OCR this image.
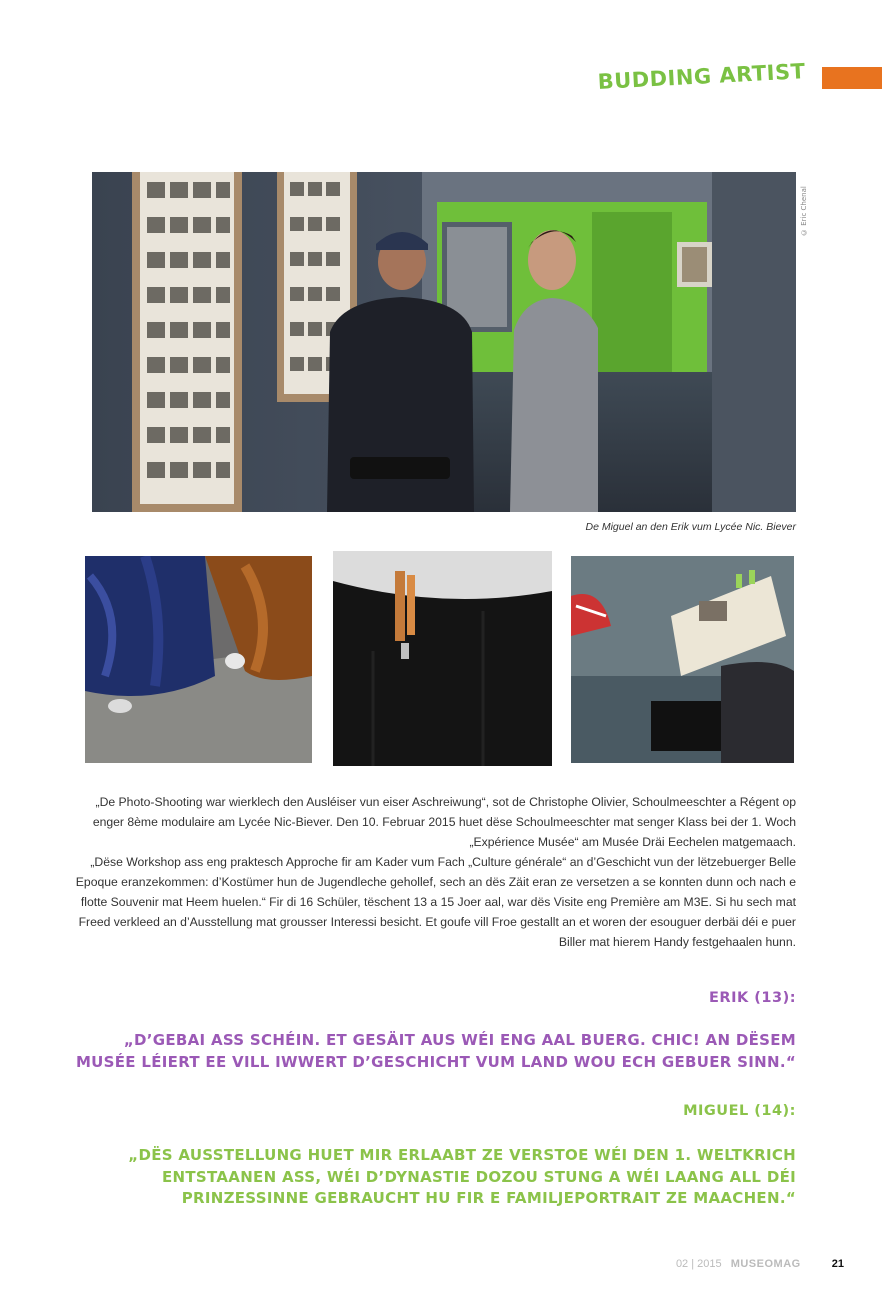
BUDDING ARTIST
© Eric Chenal
De Miguel an den Erik vum Lycée Nic. Biever

„De Photo-Shooting war wierklech den Ausléiser vun eiser Aschreiwung“, sot de Christophe Olivier, Schoulmeeschter a Régent op enger 8ème modulaire am Lycée Nic-Biever. Den 10. Februar 2015 huet dëse Schoulmeeschter mat senger Klass bei der 1. Woch „Expérience Musée“ am Musée Dräi Eechelen matgemaach.

„Dëse Workshop ass eng praktesch Approche fir am Kader vum Fach „Culture générale“ an d’Geschicht vun der lëtzebuerger Belle Epoque eranzekommen: d’Kostümer hun de Jugendleche gehollef, sech an dës Zäit eran ze versetzen a se konnten dunn och nach e flotte Souvenir mat Heem huelen.“ Fir di 16 Schüler, tëschent 13 a 15 Joer aal, war dës Visite eng Première am M3E. Si hu sech mat Freed verkleed an d’Ausstellung mat grousser Interessi besicht. Et goufe vill Froe gestallt an et woren der esouguer derbäi déi e puer Biller mat hierem Handy festgehaalen hunn.

ERIK (13):
„D’GEBAI ASS SCHÉIN. ET GESÄIT AUS WÉI ENG AAL BUERG. CHIC! AN DËSEM MUSÉE LÉIERT EE VILL IWWERT D’GESCHICHT VUM LAND WOU ECH GEBUER SINN.“
MIGUEL (14):
„DËS AUSSTELLUNG HUET MIR ERLAABT ZE VERSTOE WÉI DEN 1. WELTKRICH ENTSTAANEN ASS, WÉI D’DYNASTIE DOZOU STUNG A WÉI LAANG ALL DÉI PRINZESSINNE GEBRAUCHT HU FIR E FAMILJEPORTRAIT ZE MAACHEN.“
02 | 2015 MUSEOMAG	21
